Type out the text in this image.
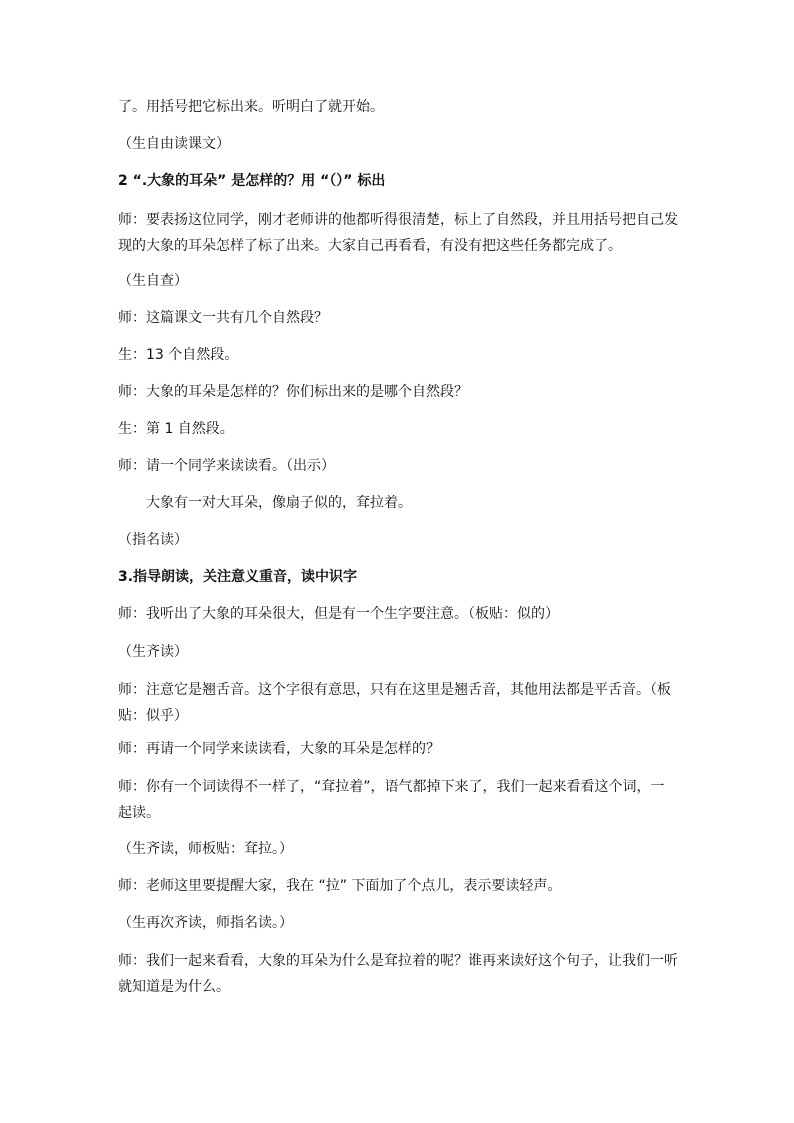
了。用括号把它标出来。听明白了就开始。
（生自由读课文）
2 “.大象的耳朵” 是怎样的？用 “（）” 标出
师：要表扬这位同学，刚才老师讲的他都听得很清楚，标上了自然段，并且用括号把自己发现的大象的耳朵怎样了标了出来。大家自己再看看，有没有把这些任务都完成了。
（生自查）
师：这篇课文一共有几个自然段？
生：13 个自然段。
师：大象的耳朵是怎样的？你们标出来的是哪个自然段？
生：第 1 自然段。
师：请一个同学来读读看。（出示）
大象有一对大耳朵，像扇子似的，耷拉着。
（指名读）
3.指导朗读，关注意义重音，读中识字
师：我听出了大象的耳朵很大，但是有一个生字要注意。（板贴：似的）
（生齐读）
师：注意它是翘舌音。这个字很有意思，只有在这里是翘舌音，其他用法都是平舌音。（板贴：似乎）
师：再请一个同学来读读看，大象的耳朵是怎样的？
师：你有一个词读得不一样了，“耷拉着”，语气都掉下来了，我们一起来看看这个词，一起读。
（生齐读，师板贴：耷拉。）
师：老师这里要提醒大家，我在 “拉” 下面加了个点儿，表示要读轻声。
（生再次齐读，师指名读。）
师：我们一起来看看，大象的耳朵为什么是耷拉着的呢？谁再来读好这个句子，让我们一听就知道是为什么。
